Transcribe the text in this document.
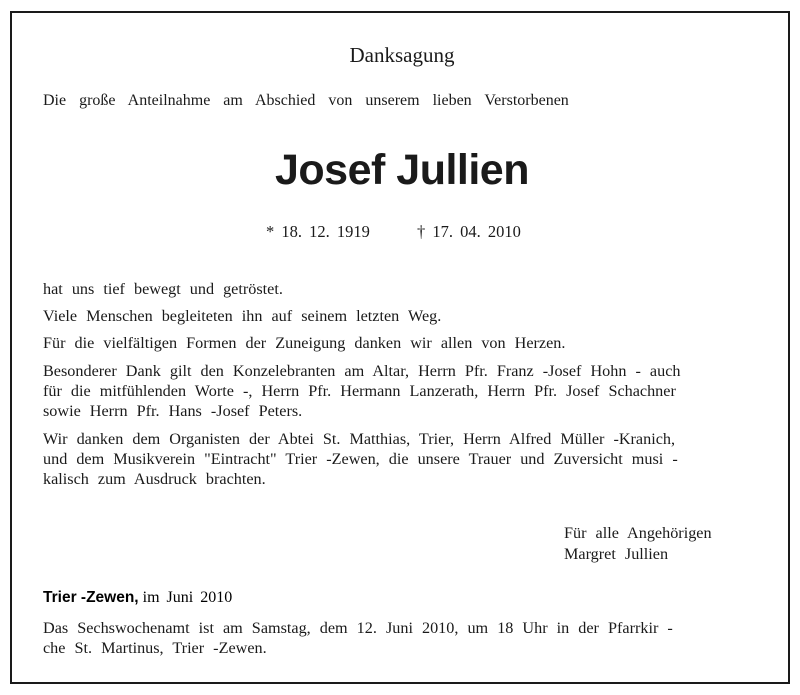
Danksagung
Die große Anteilnahme am Abschied von unserem lieben Verstorbenen
Josef Jullien
* 18. 12. 1919	† 17. 04. 2010
hat uns tief bewegt und getröstet.
Viele Menschen begleiteten ihn auf seinem letzten Weg.
Für die vielfältigen Formen der Zuneigung danken wir allen von Herzen.
Besonderer Dank gilt den Konzelebranten am Altar, Herrn Pfr. Franz -Josef Hohn - auch
für die mitfühlenden Worte -, Herrn Pfr. Hermann Lanzerath, Herrn Pfr. Josef Schachner
sowie Herrn Pfr. Hans -Josef Peters.
Wir danken dem Organisten der Abtei St. Matthias, Trier, Herrn Alfred Müller -Kranich,
und dem Musikverein "Eintracht" Trier -Zewen, die unsere Trauer und Zuversicht musi -
kalisch zum Ausdruck brachten.
Für alle Angehörigen
Margret Jullien
Trier -Zewen, im Juni 2010
Das Sechswochenamt ist am Samstag, dem 12. Juni 2010, um 18 Uhr in der Pfarrkir -
che St. Martinus, Trier -Zewen.
